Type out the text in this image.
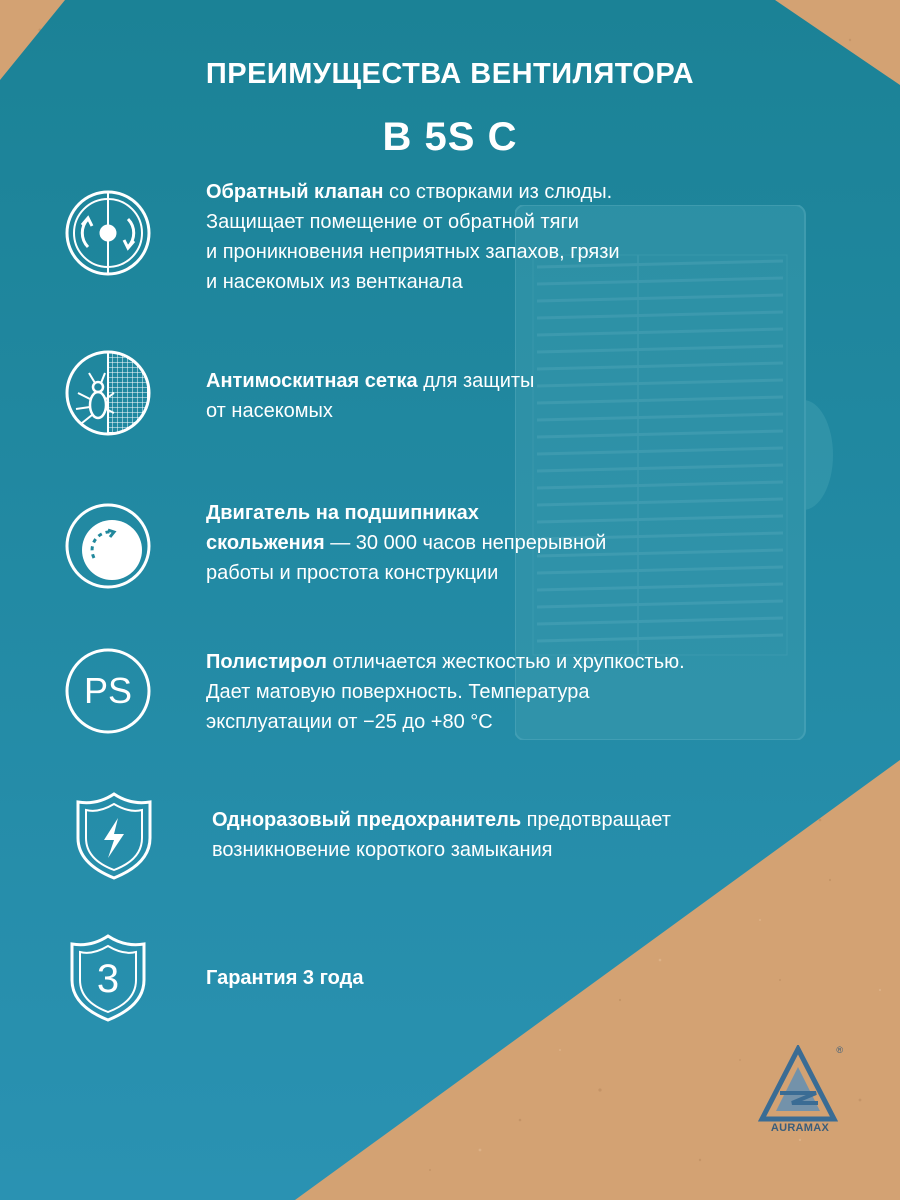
ПРЕИМУЩЕСТВА ВЕНТИЛЯТОРА
B 5S C
Обратный клапан со створками из слюды.
Защищает помещение от обратной тяги
и проникновения неприятных запахов, грязи
и насекомых из вентканала
Антимоскитная сетка для защиты
от насекомых
Двигатель на подшипниках
скольжения — 30 000 часов непрерывной
работы и простота конструкции
PS
Полистирол отличается жесткостью и хрупкостью.
Дает матовую поверхность. Температура
эксплуатации от −25 до +80 °С
Одноразовый предохранитель предотвращает
возникновение короткого замыкания
3	Гарантия 3 года
®
AURAMAX
